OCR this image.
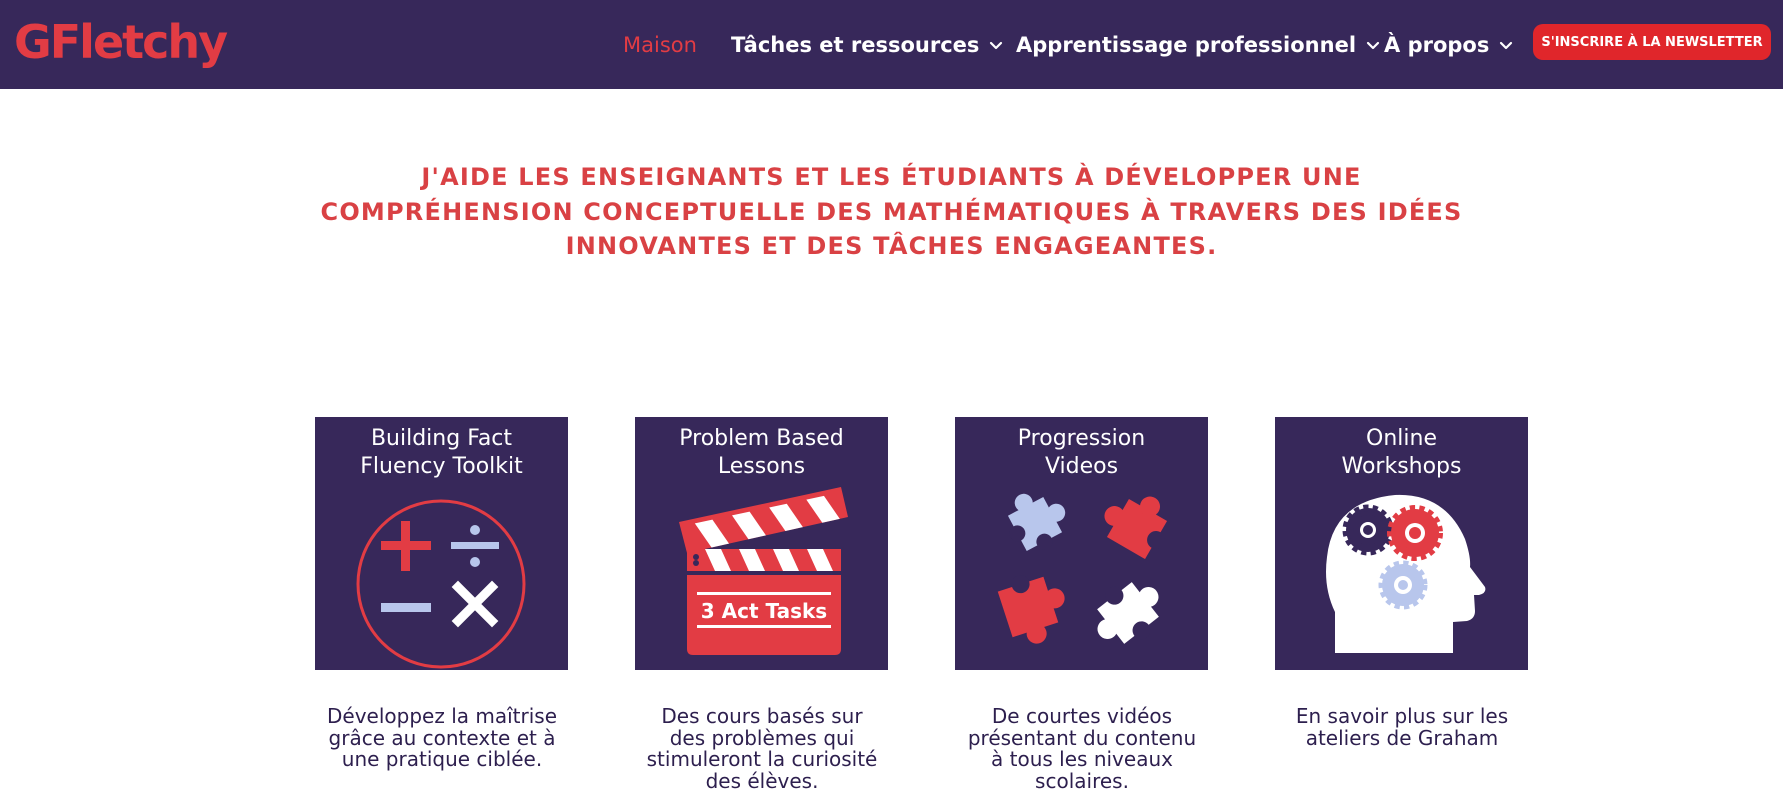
GFletchy	Maison Tâches et ressources Apprentissage professionnel À propos	S'INSCRIRE À LA NEWSLETTER
J'AIDE LES ENSEIGNANTS ET LES ÉTUDIANTS À DÉVELOPPER UNE
COMPRÉHENSION CONCEPTUELLE DES MATHÉMATIQUES À TRAVERS DES IDÉES
INNOVANTES ET DES TÂCHES ENGAGEANTES.
Building Fact
Fluency Toolkit
3 Act Tasks
Problem Based
Lessons
Progression
Videos
Online
Workshops
Développez la maîtrise
grâce au contexte et à
une pratique ciblée.
Des cours basés sur
des problèmes qui
stimuleront la curiosité
des élèves.
De courtes vidéos
présentant du contenu
à tous les niveaux
scolaires.
En savoir plus sur les
ateliers de Graham
